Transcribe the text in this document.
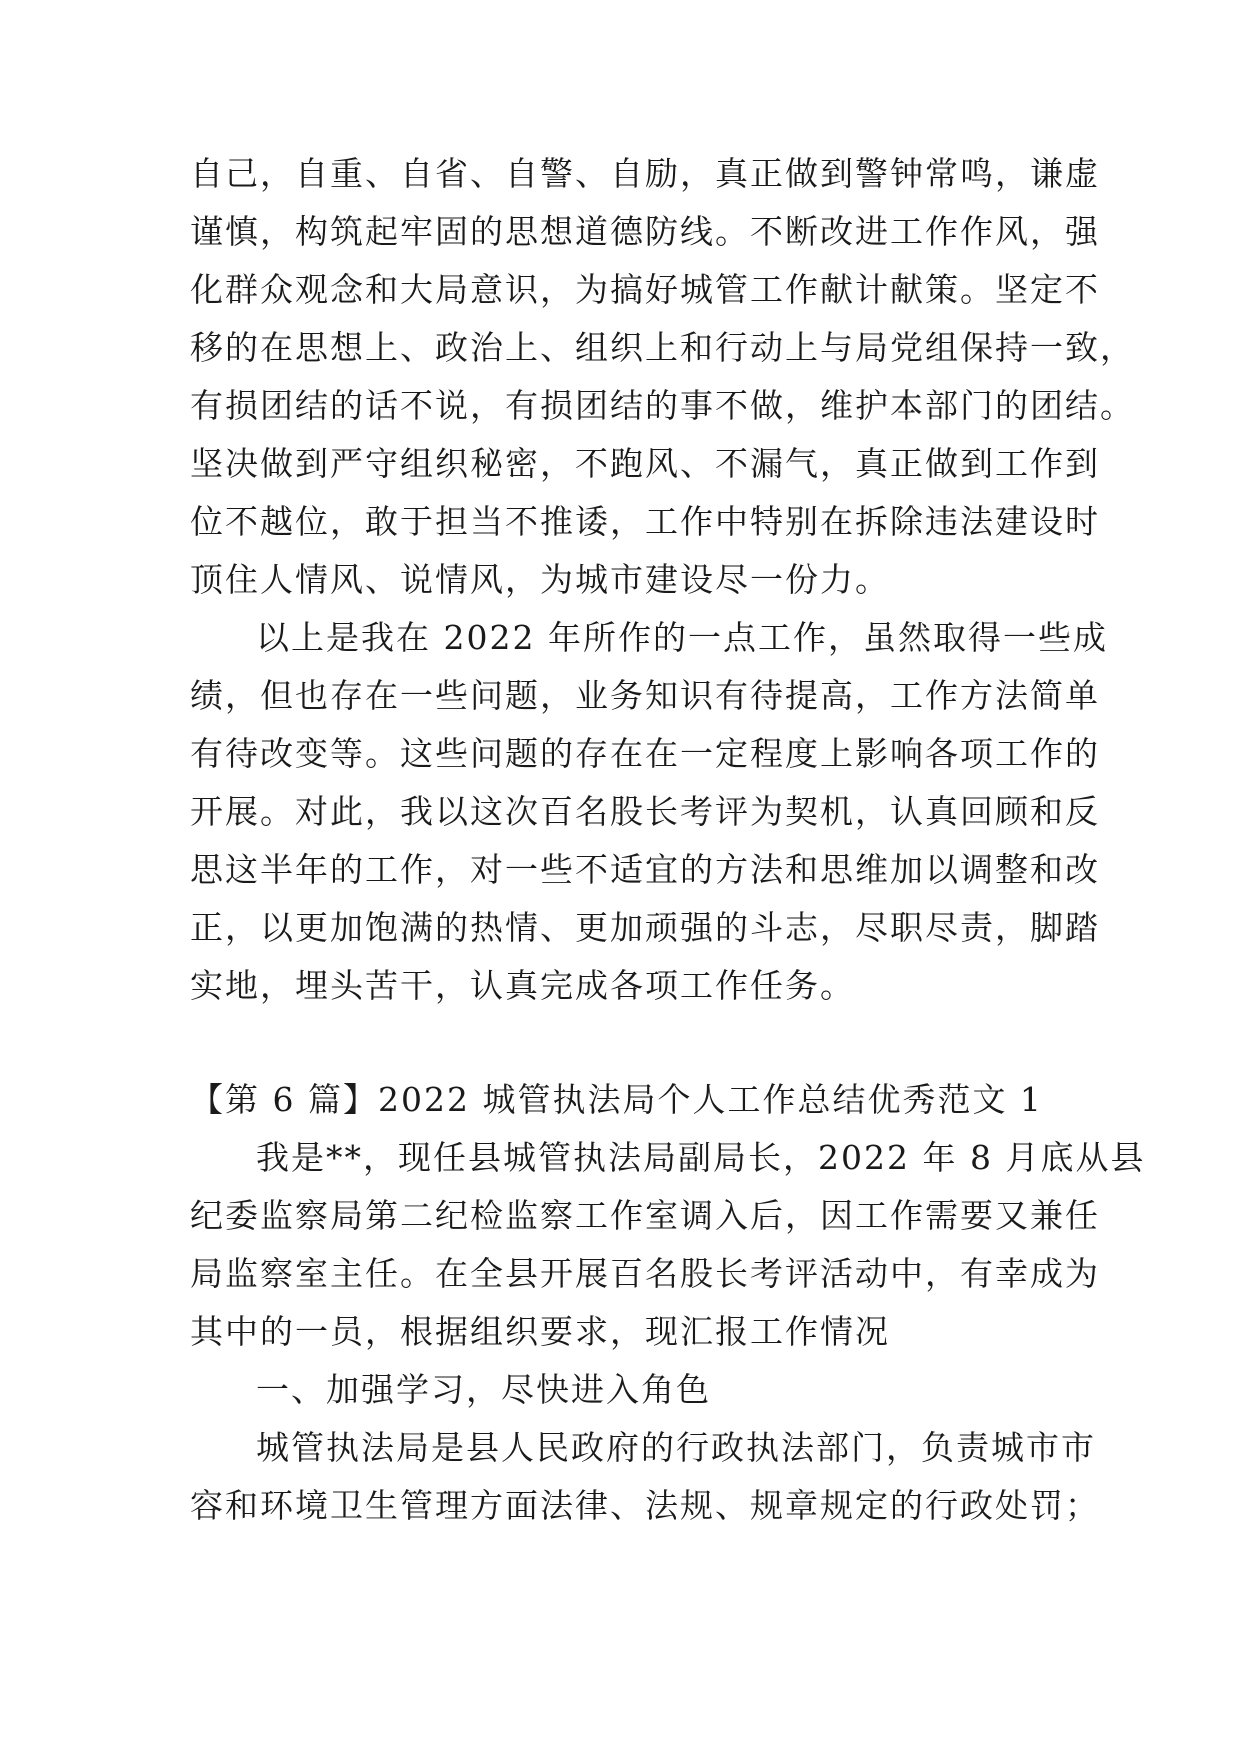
自己，自重、自省、自警、自励，真正做到警钟常鸣，谦虚

谨慎，构筑起牢固的思想道德防线。不断改进工作作风，强

化群众观念和大局意识，为搞好城管工作献计献策。坚定不

移的在思想上、政治上、组织上和行动上与局党组保持一致，

有损团结的话不说，有损团结的事不做，维护本部门的团结。

坚决做到严守组织秘密，不跑风、不漏气，真正做到工作到

位不越位，敢于担当不推诿，工作中特别在拆除违法建设时

顶住人情风、说情风，为城市建设尽一份力。

以上是我在 2022 年所作的一点工作，虽然取得一些成

绩，但也存在一些问题，业务知识有待提高，工作方法简单

有待改变等。这些问题的存在在一定程度上影响各项工作的

开展。对此，我以这次百名股长考评为契机，认真回顾和反

思这半年的工作，对一些不适宜的方法和思维加以调整和改

正，以更加饱满的热情、更加顽强的斗志，尽职尽责，脚踏

实地，埋头苦干，认真完成各项工作任务。

【第 6 篇】2022 城管执法局个人工作总结优秀范文 1

我是**，现任县城管执法局副局长，2022 年 8 月底从县

纪委监察局第二纪检监察工作室调入后，因工作需要又兼任

局监察室主任。在全县开展百名股长考评活动中，有幸成为

其中的一员，根据组织要求，现汇报工作情况

一、加强学习，尽快进入角色

城管执法局是县人民政府的行政执法部门，负责城市市

容和环境卫生管理方面法律、法规、规章规定的行政处罚；
